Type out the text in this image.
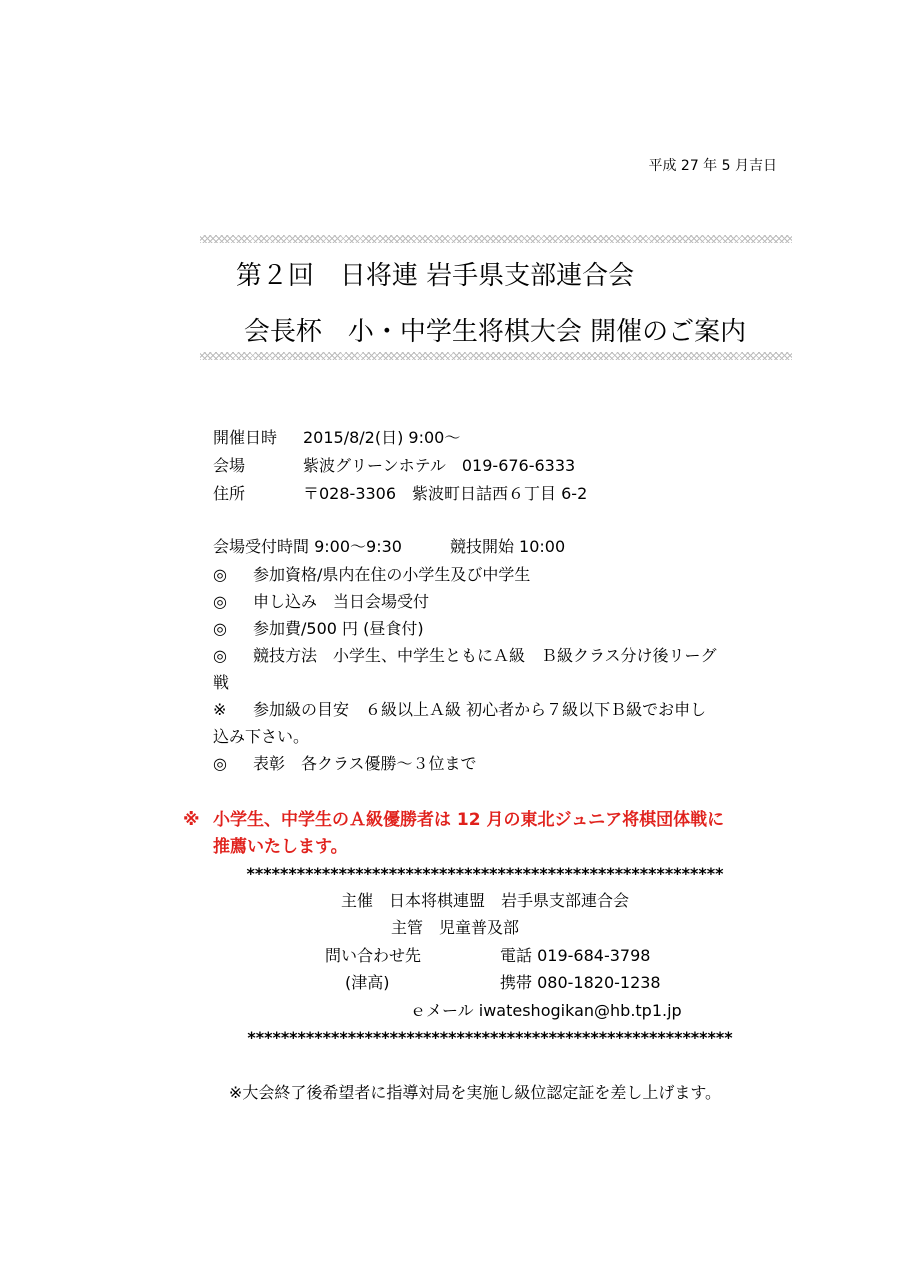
平成 27 年 5 月吉日
第２回　日将連 岩手県支部連合会
会長杯　小・中学生将棋大会 開催のご案内
開催日時 2015/8/2(日) 9:00～
会場	紫波グリーンホテル　019-676-6333
住所	〒028-3306　紫波町日詰西６丁目 6-2
会場受付時間 9:00～9:30　　　競技開始 10:00
◎ 参加資格/県内在住の小学生及び中学生
◎ 申し込み　当日会場受付
◎ 参加費/500 円 (昼食付)
◎ 競技方法　小学生、中学生ともにＡ級　Ｂ級クラス分け後リーグ
戦
※ 参加級の目安　６級以上Ａ級 初心者から７級以下Ｂ級でお申し
込み下さい。
◎ 表彰　各クラス優勝～３位まで
※ 小学生、中学生のＡ級優勝者は 12 月の東北ジュニア将棋団体戦に
推薦いたします。
*********************************************************
主催　日本将棋連盟　岩手県支部連合会
主管　児童普及部
問い合わせ先	電話 019-684-3798
(津高)	携帯 080-1820-1238
ｅメール iwateshogikan@hb.tp1.jp
**********************************************************
※大会終了後希望者に指導対局を実施し級位認定証を差し上げます。
